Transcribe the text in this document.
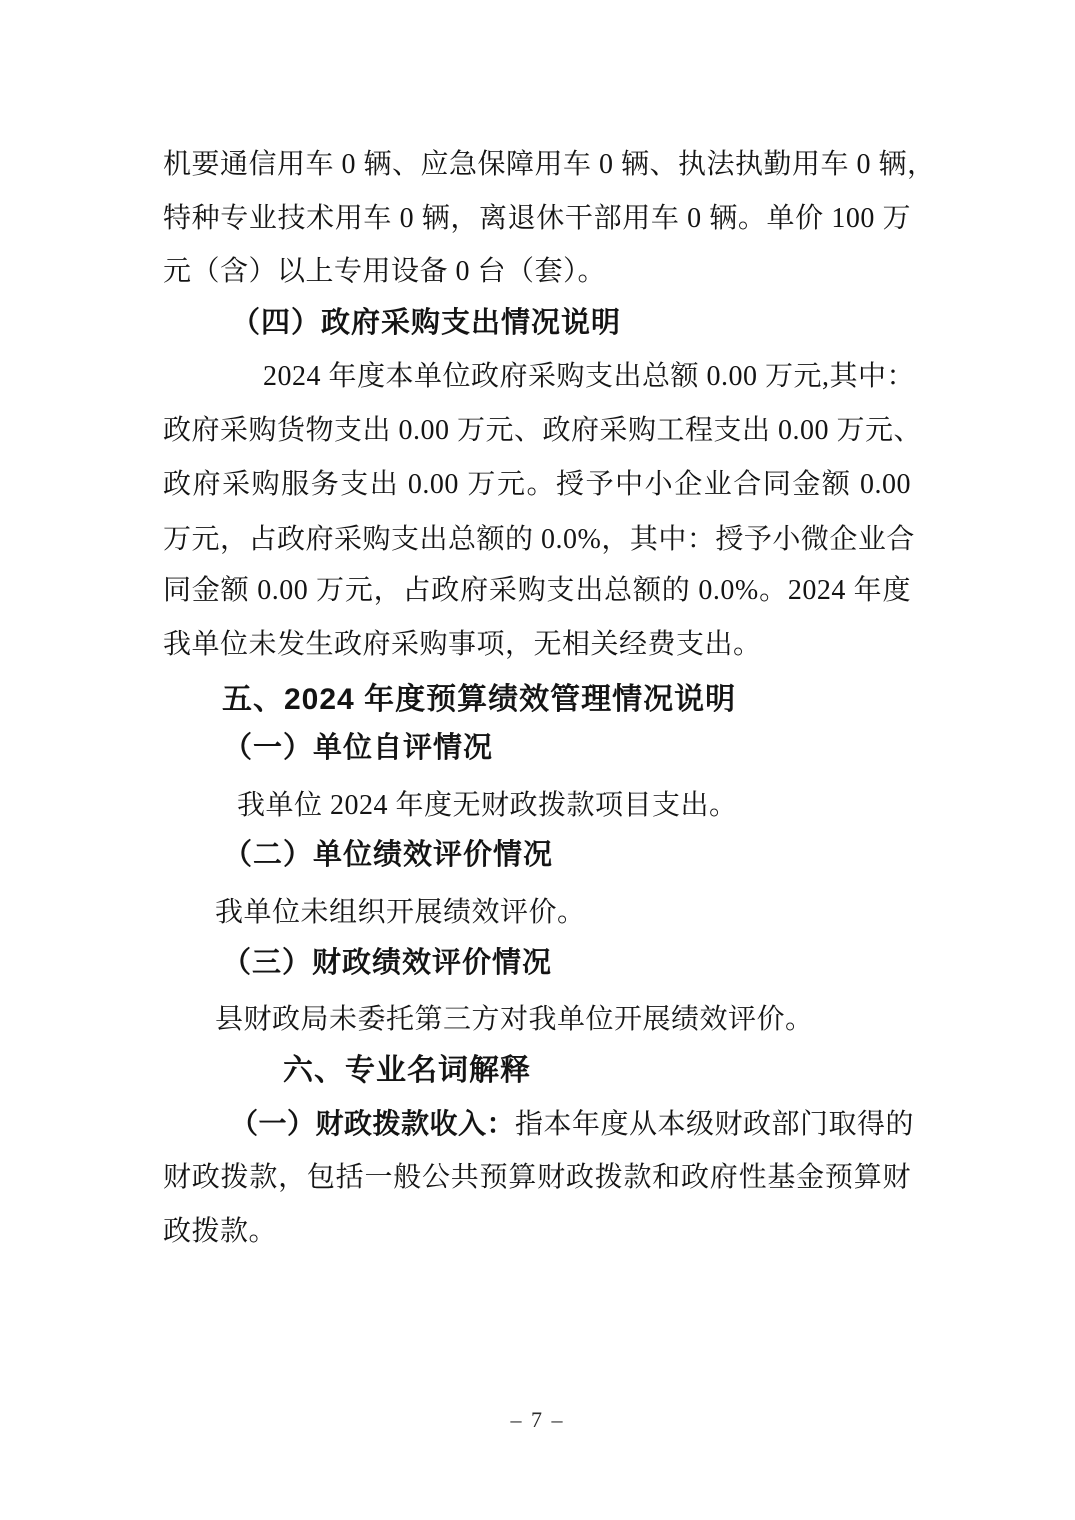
机要通信用车 0 辆、应急保障用车 0 辆、执法执勤用车 0 辆，
特种专业技术用车 0 辆，离退休干部用车 0 辆。单价 100 万
元（含）以上专用设备 0 台（套）。
（四）政府采购支出情况说明
2024 年度本单位政府采购支出总额 0.00 万元,其中：
政府采购货物支出 0.00 万元、政府采购工程支出 0.00 万元、
政府采购服务支出 0.00 万元。授予中小企业合同金额 0.00
万元，占政府采购支出总额的 0.0%，其中：授予小微企业合
同金额 0.00 万元，占政府采购支出总额的 0.0%。2024 年度
我单位未发生政府采购事项，无相关经费支出。
五、2024 年度预算绩效管理情况说明
（一）单位自评情况
我单位 2024 年度无财政拨款项目支出。
（二）单位绩效评价情况
我单位未组织开展绩效评价。
（三）财政绩效评价情况
县财政局未委托第三方对我单位开展绩效评价。
六、专业名词解释
（一）财政拨款收入：指本年度从本级财政部门取得的
财政拨款，包括一般公共预算财政拨款和政府性基金预算财
政拨款。
– 7 –
